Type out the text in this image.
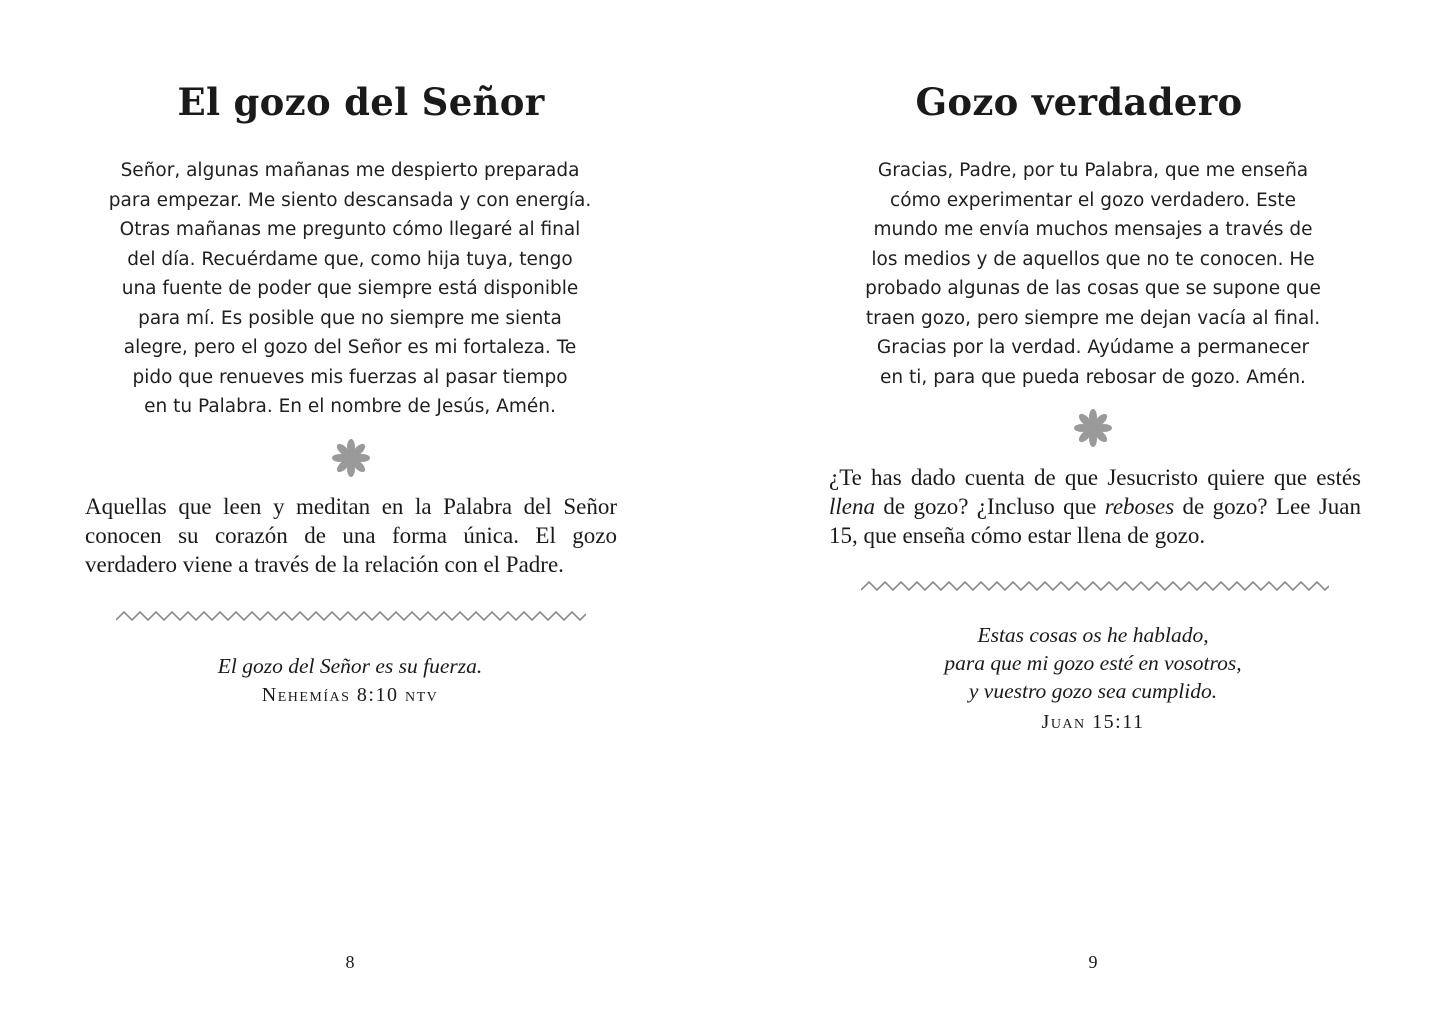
El gozo del Señor
Señor, algunas mañanas me despierto preparada
para empezar. Me siento descansada y con energía.
Otras mañanas me pregunto cómo llegaré al final
del día. Recuérdame que, como hija tuya, tengo
una fuente de poder que siempre está disponible
para mí. Es posible que no siempre me sienta
alegre, pero el gozo del Señor es mi fortaleza. Te
pido que renueves mis fuerzas al pasar tiempo
en tu Palabra. En el nombre de Jesús, Amén.
Aquellas que leen y meditan en la Palabra del Señor
conocen su corazón de una forma única. El gozo
verdadero viene a través de la relación con el Padre.
El gozo del Señor es su fuerza.
Nehemías 8:10 ntv
8
Gozo verdadero
Gracias, Padre, por tu Palabra, que me enseña
cómo experimentar el gozo verdadero. Este
mundo me envía muchos mensajes a través de
los medios y de aquellos que no te conocen. He
probado algunas de las cosas que se supone que
traen gozo, pero siempre me dejan vacía al final.
Gracias por la verdad. Ayúdame a permanecer
en ti, para que pueda rebosar de gozo. Amén.
¿Te has dado cuenta de que Jesucristo quiere que estés
llena de gozo? ¿Incluso que reboses de gozo? Lee Juan
15, que enseña cómo estar llena de gozo.
Estas cosas os he hablado,
para que mi gozo esté en vosotros,
y vuestro gozo sea cumplido.
Juan 15:11
9
